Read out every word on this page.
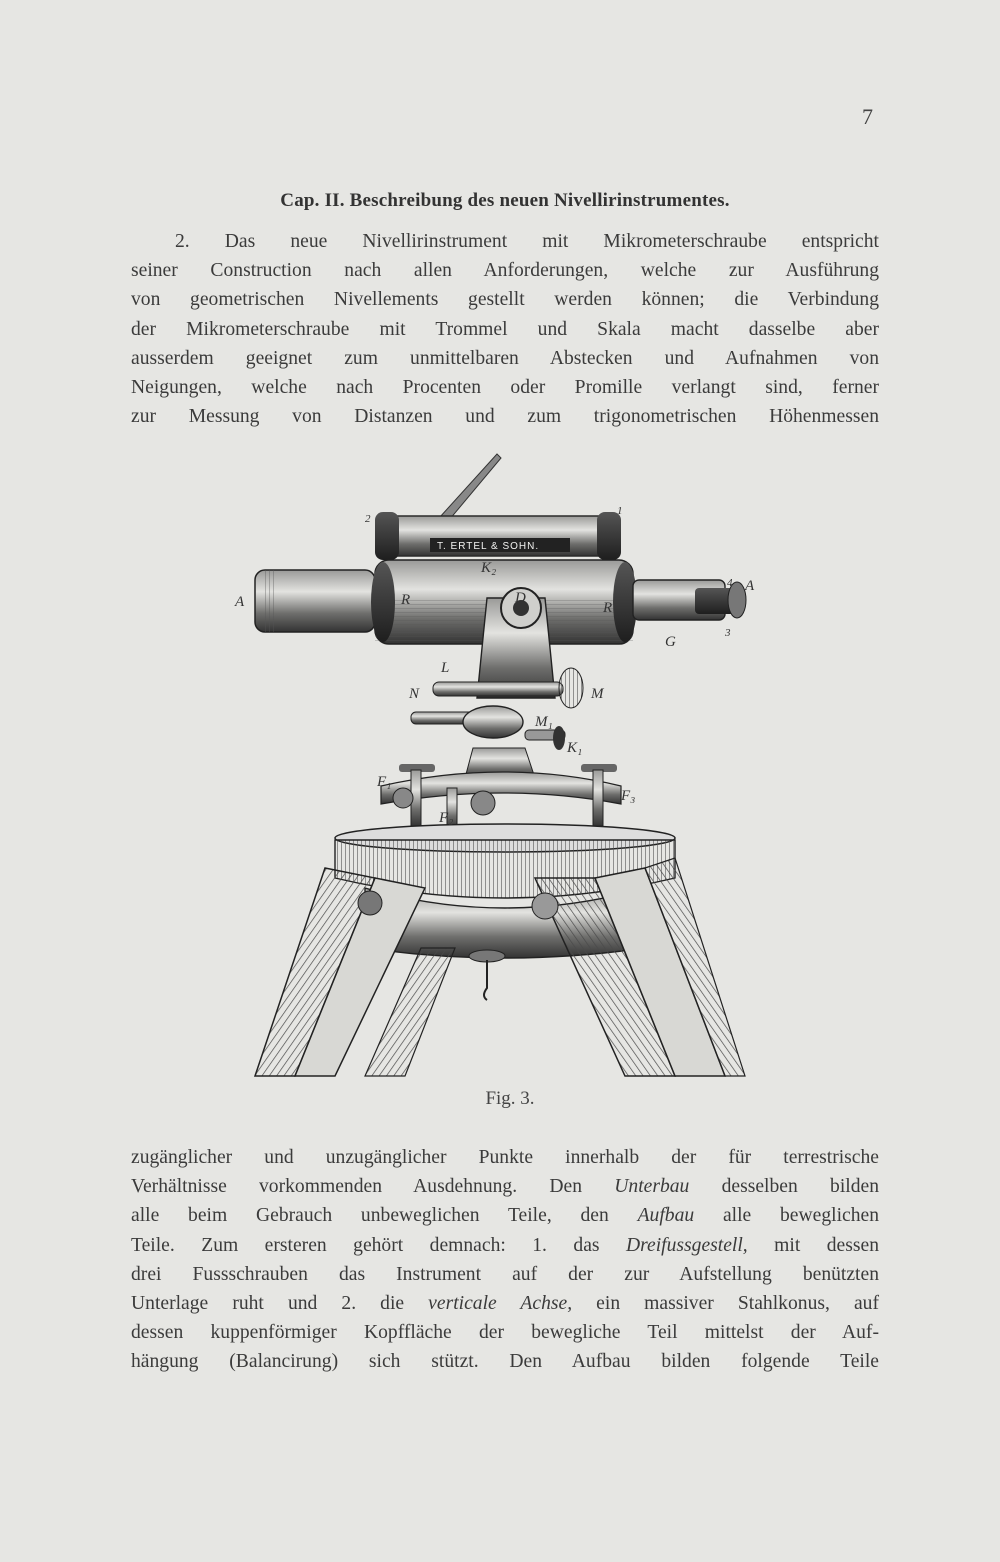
7
Cap. II. Beschreibung des neuen Nivellirinstrumentes.
2. Das neue Nivellirinstrument mit Mikrometerschraube entspricht
seiner Construction nach allen Anforderungen, welche zur Ausführung
von geometrischen Nivellements gestellt werden können; die Verbindung
der Mikrometerschraube mit Trommel und Skala macht dasselbe aber
ausserdem geeignet zum unmittelbaren Abstecken und Aufnahmen von
Neigungen, welche nach Procenten oder Promille verlangt sind, ferner
zur Messung von Distanzen und zum trigonometrischen Höhenmessen
T. ERTEL & SOHN.
A
A
1
2
3
4
K₂
K₁
R	R
G
D
L
N	M
M₁
F₁
F₂
F₃
Fig. 3.
zugänglicher und unzugänglicher Punkte innerhalb der für terrestrische
Verhältnisse vorkommenden Ausdehnung. Den Unterbau desselben bilden
alle beim Gebrauch unbeweglichen Teile, den Aufbau alle beweglichen
Teile. Zum ersteren gehört demnach: 1. das Dreifussgestell, mit dessen
drei Fussschrauben das Instrument auf der zur Aufstellung benützten
Unterlage ruht und 2. die verticale Achse, ein massiver Stahlkonus, auf
dessen kuppenförmiger Kopffläche der bewegliche Teil mittelst der Auf-
hängung (Balancirung) sich stützt. Den Aufbau bilden folgende Teile
